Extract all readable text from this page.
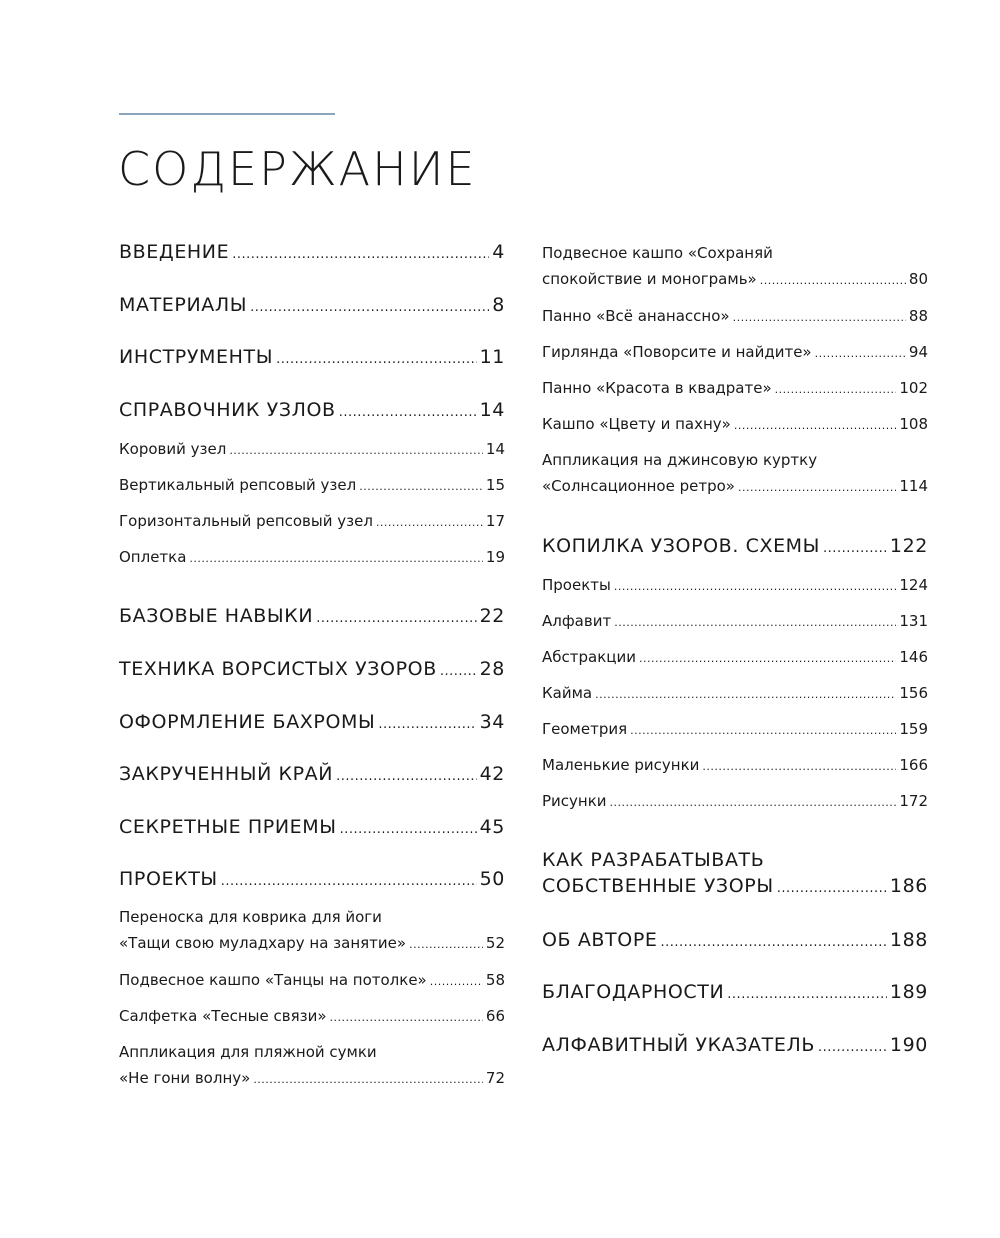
СОДЕРЖАНИЕ
ВВЕДЕНИЕ .....	4
МАТЕРИАЛЫ .....	8
ИНСТРУМЕНТЫ .....	11
СПРАВОЧНИК УЗЛОВ .....	14
Коровий узел .....	14
Вертикальный репсовый узел .....	15
Горизонтальный репсовый узел .....	17
Оплетка .....	19
БАЗОВЫЕ НАВЫКИ .....	22
ТЕХНИКА ВОРСИСТЫХ УЗОРОВ ..... 28
ОФОРМЛЕНИЕ БАХРОМЫ .....	34
ЗАКРУЧЕННЫЙ КРАЙ .....	42
СЕКРЕТНЫЕ ПРИЕМЫ .....	45
ПРОЕКТЫ .....	50
Переноска для коврика для йоги
«Тащи свою муладхару на занятие» .....	52
Подвесное кашпо «Танцы на потолке» .....	58
Салфетка «Тесные связи» .....	66
Аппликация для пляжной сумки
«Не гони волну» .....	72
Подвесное кашпо «Сохраняй
спокойствие и монограмь» .....	80
Панно «Всё ананассно» .....	88
Гирлянда «Поворсите и найдите» .....	94
Панно «Красота в квадрате» .....	102
Кашпо «Цвету и пахну» .....	108
Аппликация на джинсовую куртку
«Солнсационное ретро» .....	114
КОПИЛКА УЗОРОВ. СХЕМЫ .....	122
Проекты .....	124
Алфавит .....	131
Абстракции .....	146
Кайма .....	156
Геометрия .....	159
Маленькие рисунки .....	166
Рисунки .....	172
КАК РАЗРАБАТЫВАТЬ
СОБСТВЕННЫЕ УЗОРЫ .....	186
ОБ АВТОРЕ .....	188
БЛАГОДАРНОСТИ .....	189
АЛФАВИТНЫЙ УКАЗАТЕЛЬ .....	190
